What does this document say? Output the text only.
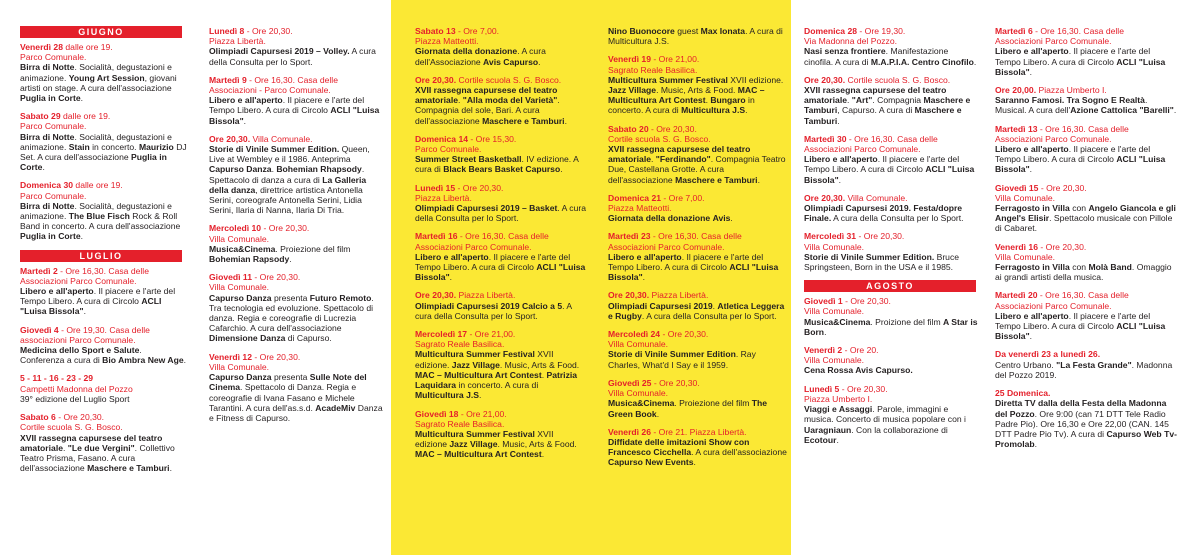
GIUGNO
Venerdì 28 dalle ore 19.

Parco Comunale.
Birra di Notte. Socialità, degustazioni e animazione. Young Art Session, giovani artisti on stage. A cura dell'associazione Puglia in Corte.
Sabato 29 dalle ore 19.

Parco Comunale.
Birra di Notte. Socialità, degustazioni e animazione. Stain in concerto. Maurizio DJ Set. A cura dell'associazione Puglia in Corte.
Domenica 30 dalle ore 19.

Parco Comunale.
Birra di Notte. Socialità, degustazioni e animazione. The Blue Fisch Rock & Roll Band in concerto. A cura dell'associazione Puglia in Corte.
LUGLIO
Martedì 2 - Ore 16,30. Casa delle

Associazioni Parco Comunale.
Libero e all'aperto. Il piacere e l'arte del Tempo Libero. A cura di Circolo ACLI "Luisa Bissola".
Giovedì 4 - Ore 19,30. Casa delle

associazioni Parco Comunale.
Medicina dello Sport e Salute. Conferenza a cura di Bio Ambra New Age.
5 - 11 - 16 - 23 - 29

Campetti Madonna del Pozzo
39° edizione del Luglio Sport
Sabato 6 - Ore 20,30.

Cortile scuola S. G. Bosco.
XVII rassegna capursese del teatro amatoriale. "Le due Vergini". Collettivo Teatro Prisma, Fasano. A cura dell'associazione Maschere e Tamburi.
Lunedì 8 - Ore 20,30.

Piazza Libertà.
Olimpiadi Capursesi 2019 – Volley. A cura della Consulta per lo Sport.
Martedì 9 - Ore 16,30. Casa delle

Associazioni - Parco Comunale.
Libero e all'aperto. Il piacere e l'arte del Tempo Libero. A cura di Circolo ACLI "Luisa Bissola".
Ore 20,30. Villa Comunale.
Storie di Vinile Summer Edition. Queen, Live at Wembley e il 1986. Anteprima Capurso Danza. Bohemian Rhapsody. Spettacolo di danza a cura di La Galleria della danza, direttrice artistica Antonella Serini, coreografe Antonella Serini, Lidia Serini, Ilaria di Nanna, Ilaria Di Tria.
Mercoledì 10 - Ore 20,30.

Villa Comunale.
Musica&Cinema. Proiezione del film Bohemian Rapsody.
Giovedì 11 - Ore 20,30.

Villa Comunale.
Capurso Danza presenta Futuro Remoto. Tra tecnologia ed evoluzione. Spettacolo di danza. Regia e coreografie di Lucrezia Cafarchio. A cura dell'associazione Dimensione Danza di Capurso.
Venerdì 12 - Ore 20,30.

Villa Comunale.
Capurso Danza presenta Sulle Note del Cinema. Spettacolo di Danza. Regia e coreografie di Ivana Fasano e Michele Tarantini. A cura dell'as.s.d. AcadeMiv Danza e Fitness di Capurso.
Sabato 13 - Ore 7,00.

Piazza Matteotti.
Giornata della donazione. A cura dell'Associazione Avis Capurso.
Ore 20,30. Cortile scuola S. G. Bosco.
XVII rassegna capursese del teatro amatoriale. "Alla moda del Varietà". Compagnia del sole, Bari. A cura dell'associazione Maschere e Tamburi.
Domenica 14 - Ore 15,30.

Parco Comunale.
Summer Street Basketball. IV edizione. A cura di Black Bears Basket Capurso.
Lunedì 15 - Ore 20,30.

Piazza Libertà.
Olimpiadi Capursesi 2019 – Basket. A cura della Consulta per lo Sport.
Martedì 16 - Ore 16,30. Casa delle

Associazioni Parco Comunale.
Libero e all'aperto. Il piacere e l'arte del Tempo Libero. A cura di Circolo ACLI "Luisa Bissola".
Ore 20,30. Piazza Libertà.
Olimpiadi Capursesi 2019 Calcio a 5. A cura della Consulta per lo Sport.
Mercoledì 17 - Ore 21,00.

Sagrato Reale Basilica.
Multicultura Summer Festival XVII edizione. Jazz Village. Music, Arts & Food. MAC – Multicultura Art Contest. Patrizia Laquidara in concerto. A cura di Multicultura J.S.
Giovedì 18 - Ore 21,00.

Sagrato Reale Basilica.
Multicultura Summer Festival XVII edizione Jazz Village. Music, Arts & Food. MAC – Multicultura Art Contest.
Nino Buonocore guest Max Ionata. A cura di Multicultura J.S.
Venerdì 19 - Ore 21,00.

Sagrato Reale Basilica.
Multicultura Summer Festival XVII edizione. Jazz Village. Music, Arts & Food. MAC – Multicultura Art Contest. Bungaro in concerto. A cura di Multicultura J.S.
Sabato 20 - Ore 20,30.

Cortile scuola S. G. Bosco.
XVII rassegna capursese del teatro amatoriale. "Ferdinando". Compagnia Teatro Due, Castellana Grotte. A cura dell'associazione Maschere e Tamburi.
Domenica 21 - Ore 7,00.

Piazza Matteotti.
Giornata della donazione Avis.
Martedì 23 - Ore 16,30. Casa delle

Associazioni Parco Comunale.
Libero e all'aperto. Il piacere e l'arte del Tempo Libero. A cura di Circolo ACLI "Luisa Bissola".
Ore 20,30. Piazza Libertà.
Olimpiadi Capursesi 2019. Atletica Leggera e Rugby. A cura della Consulta per lo Sport.
Mercoledì 24 - Ore 20,30.

Villa Comunale.
Storie di Vinile Summer Edition. Ray Charles, What'd I Say e il 1959.
Giovedì 25 - Ore 20,30.

Villa Comunale.
Musica&Cinema. Proiezione del film The Green Book.
Venerdì 26 - Ore 21. Piazza Libertà.
Diffidate delle imitazioni Show con Francesco Cicchella. A cura dell'associazione Capurso New Events.
Domenica 28 - Ore 19,30.

Via Madonna del Pozzo.
Nasi senza frontiere. Manifestazione cinofila. A cura di M.A.P.I.A. Centro Cinofilo.
Ore 20,30. Cortile scuola S. G. Bosco.
XVII rassegna capursese del teatro amatoriale. "Art". Compagnia Maschere e Tamburi, Capurso. A cura di Maschere e Tamburi.
Martedì 30 - Ore 16,30. Casa delle

Associazioni Parco Comunale.
Libero e all'aperto. Il piacere e l'arte del Tempo Libero. A cura di Circolo ACLI "Luisa Bissola".
Ore 20,30. Villa Comunale.
Olimpiadi Capursesi 2019. Festa/dopre Finale. A cura della Consulta per lo Sport.
Mercoledì 31 - Ore 20,30.

Villa Comunale.
Storie di Vinile Summer Edition. Bruce Springsteen, Born in the USA e il 1985.
AGOSTO
Giovedì 1 - Ore 20,30.

Villa Comunale.
Musica&Cinema. Proizione del film A Star is Born.
Venerdì 2 - Ore 20.

Villa Comunale.
Cena Rossa Avis Capurso.
Lunedì 5 - Ore 20,30.

Piazza Umberto I.
Viaggi e Assaggi. Parole, immagini e musica. Concerto di musica popolare con i Uaragniaun. Con la collaborazione di Ecotour.
Martedì 6 - Ore 16,30. Casa delle

Associazioni Parco Comunale.
Libero e all'aperto. Il piacere e l'arte del Tempo Libero. A cura di Circolo ACLI "Luisa Bissola".
Ore 20,00. Piazza Umberto I.
Saranno Famosi. Tra Sogno E Realtà. Musical. A cura dell'Azione Cattolica "Barelli".
Martedì 13 - Ore 16,30. Casa delle

Associazioni Parco Comunale.
Libero e all'aperto. Il piacere e l'arte del Tempo Libero. A cura di Circolo ACLI "Luisa Bissola".
Giovedì 15 - Ore 20,30.

Villa Comunale.
Ferragosto in Villa con Angelo Giancola e gli Angel's Elisir. Spettacolo musicale con Pillole di Cabaret.
Venerdì 16 - Ore 20,30.

Villa Comunale.
Ferragosto in Villa con Molà Band. Omaggio ai grandi artisti della musica.
Martedì 20 - Ore 16,30. Casa delle

Associazioni Parco Comunale.
Libero e all'aperto. Il piacere e l'arte del Tempo Libero. A cura di Circolo ACLI "Luisa Bissola".
Da venerdì 23 a lunedì 26.
Centro Urbano. "La Festa Grande". Madonna del Pozzo 2019.
25 Domenica.
Diretta TV dalla della Festa della Madonna del Pozzo. Ore 9:00 (can 71 DTT Tele Radio Padre Pio). Ore 16,30 e Ore 22,00 (CAN. 145 DTT Padre Pio Tv). A cura di Capurso Web Tv-Promolab.
